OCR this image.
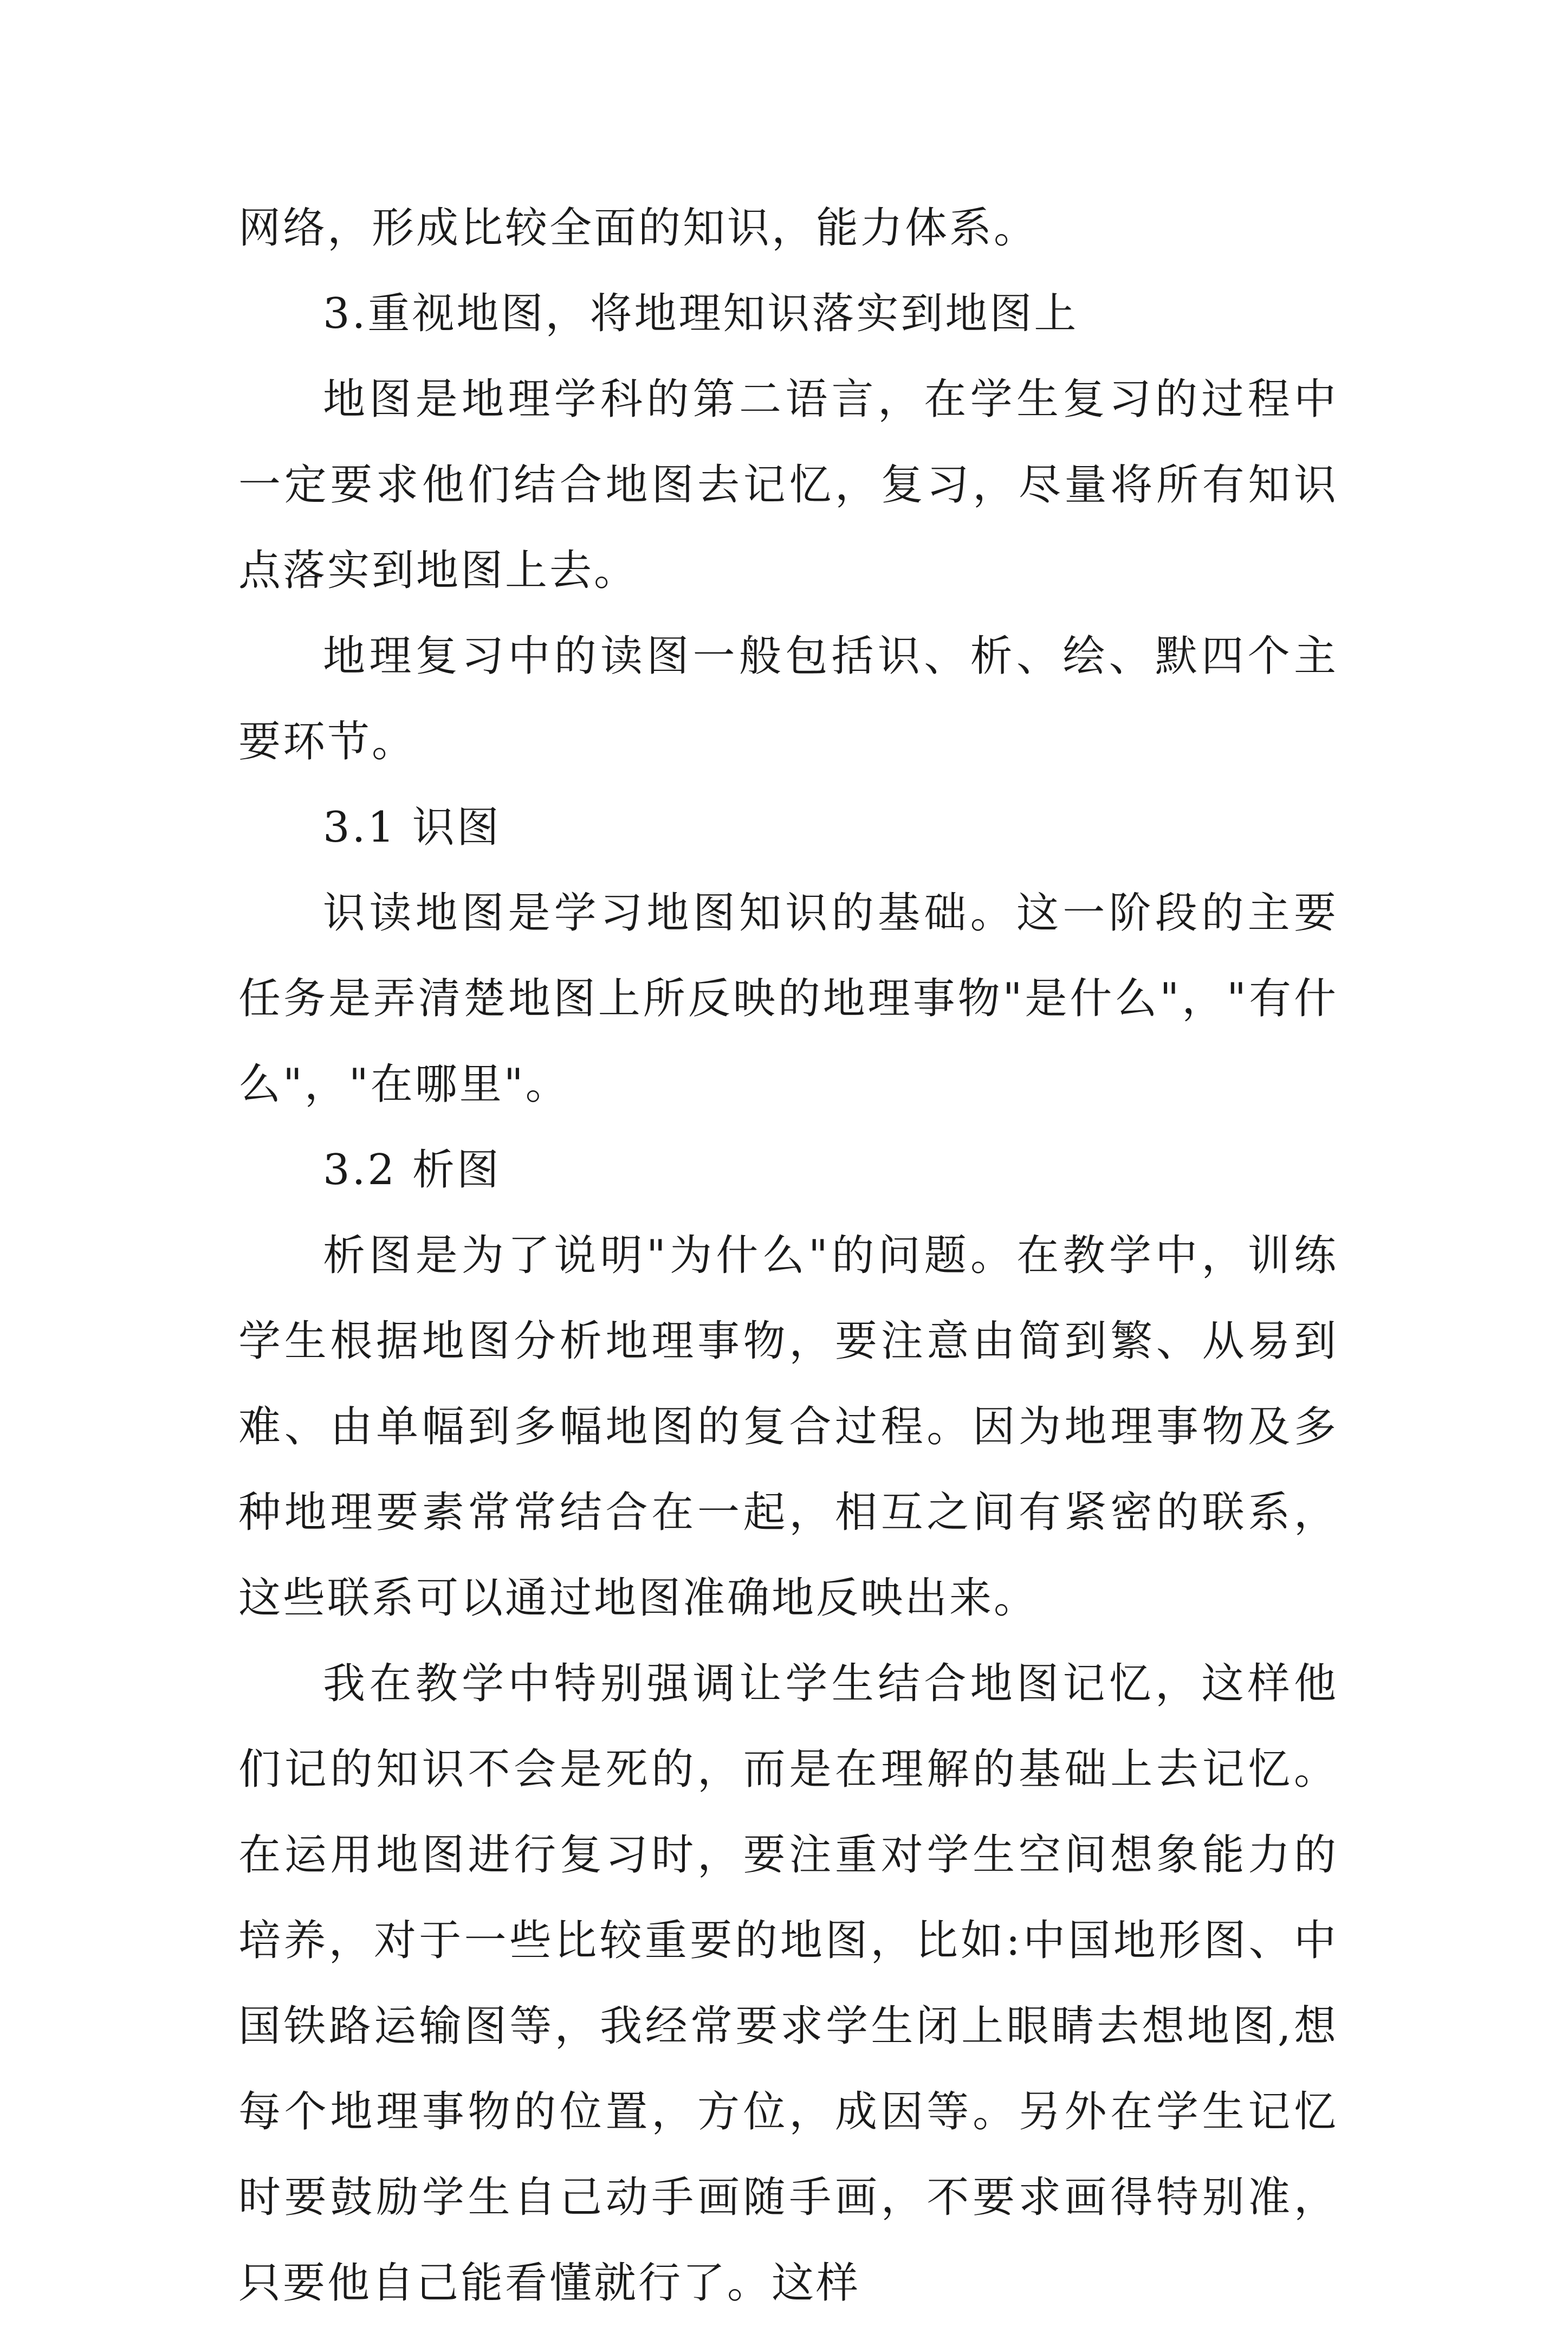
网络，形成比较全面的知识，能力体系。

3.重视地图，将地理知识落实到地图上

地图是地理学科的第二语言，在学生复习的过程中一定要求他们结合地图去记忆，复习，尽量将所有知识点落实到地图上去。

地理复习中的读图一般包括识、析、绘、默四个主要环节。

3.1 识图

识读地图是学习地图知识的基础。这一阶段的主要任务是弄清楚地图上所反映的地理事物"是什么"，"有什么"，"在哪里"。

3.2 析图

析图是为了说明"为什么"的问题。在教学中，训练学生根据地图分析地理事物，要注意由简到繁、从易到难、由单幅到多幅地图的复合过程。因为地理事物及多种地理要素常常结合在一起，相互之间有紧密的联系，这些联系可以通过地图准确地反映出来。

我在教学中特别强调让学生结合地图记忆，这样他们记的知识不会是死的，而是在理解的基础上去记忆。在运用地图进行复习时，要注重对学生空间想象能力的培养，对于一些比较重要的地图，比如:中国地形图、中国铁路运输图等，我经常要求学生闭上眼睛去想地图,想每个地理事物的位置，方位，成因等。另外在学生记忆时要鼓励学生自己动手画随手画，不要求画得特别准，只要他自己能看懂就行了。这样
